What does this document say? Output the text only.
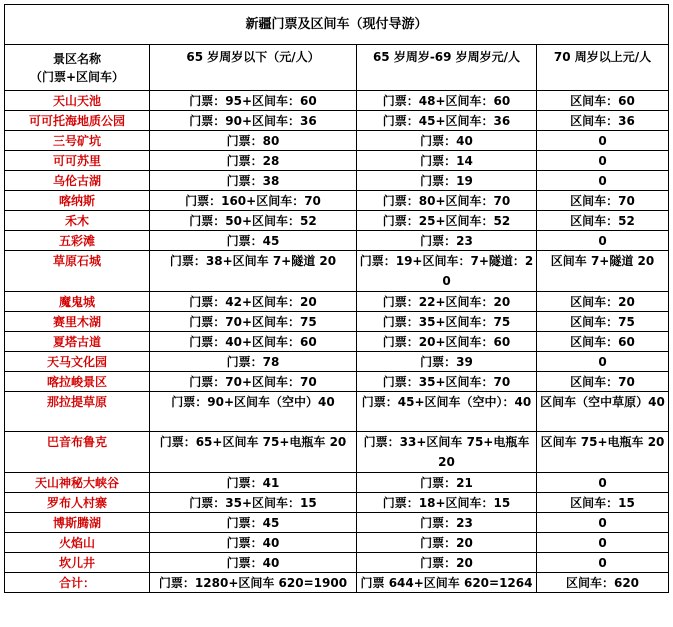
新疆门票及区间车（现付导游）			
景区名称
（门票+区间车）	65 岁周岁以下（元/人）	65 岁周岁-69 岁周岁元/人	70 周岁以上元/人
天山天池	门票：95+区间车：60	门票：48+区间车：60	区间车：60
可可托海地质公园	门票：90+区间车：36	门票：45+区间车：36	区间车：36
三号矿坑	门票：80	门票：40	0
可可苏里	门票：28	门票：14	0
乌伦古湖	门票：38	门票：19	0
喀纳斯	门票：160+区间车：70	门票：80+区间车：70	区间车：70
禾木	门票：50+区间车：52	门票：25+区间车：52	区间车：52
五彩滩	门票：45	门票：23	0
草原石城	门票：38+区间车 7+隧道 20	门票：19+区间车：7+隧道：20	区间车 7+隧道 20
魔鬼城	门票：42+区间车：20	门票：22+区间车：20	区间车：20
赛里木湖	门票：70+区间车：75	门票：35+区间车：75	区间车：75
夏塔古道	门票：40+区间车：60	门票：20+区间车：60	区间车：60
天马文化园	门票：78	门票：39	0
喀拉峻景区	门票：70+区间车：70	门票：35+区间车：70	区间车：70
那拉提草原	门票：90+区间车（空中）40	门票：45+区间车（空中）：40	区间车（空中草原）40
巴音布鲁克	门票：65+区间车 75+电瓶车 20	门票：33+区间车 75+电瓶车 20	区间车 75+电瓶车 20
天山神秘大峡谷	门票：41	门票：21	0
罗布人村寨	门票：35+区间车：15	门票：18+区间车：15	区间车：15
博斯腾湖	门票：45	门票：23	0
火焰山	门票：40	门票：20	0
坎儿井	门票：40	门票：20	0
合计：	门票：1280+区间车 620=1900	门票 644+区间车 620=1264	区间车：620
